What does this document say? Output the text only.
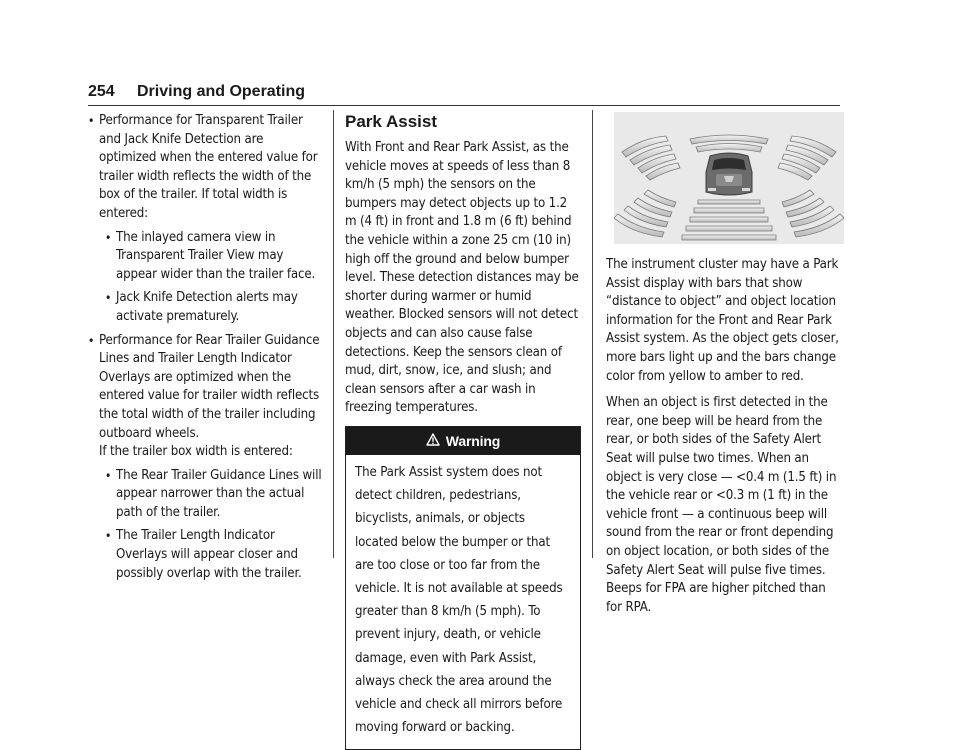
254 Driving and Operating
• Performance for Transparent Trailer and Jack Knife Detection are optimized when the entered value for trailer width reflects the width of the box of the trailer. If total width is entered:
• The inlayed camera view in Transparent Trailer View may appear wider than the trailer face.
• Jack Knife Detection alerts may activate prematurely.
• Performance for Rear Trailer Guidance Lines and Trailer Length Indicator Overlays are optimized when the entered value for trailer width reflects the total width of the trailer including outboard wheels.
If the trailer box width is entered:
• The Rear Trailer Guidance Lines will appear narrower than the actual path of the trailer.
• The Trailer Length Indicator Overlays will appear closer and possibly overlap with the trailer.
Park Assist

With Front and Rear Park Assist, as the vehicle moves at speeds of less than 8 km/h (5 mph) the sensors on the bumpers may detect objects up to 1.2 m (4 ft) in front and 1.8 m (6 ft) behind the vehicle within a zone 25 cm (10 in) high off the ground and below bumper level. These detection distances may be shorter during warmer or humid weather. Blocked sensors will not detect objects and can also cause false detections. Keep the sensors clean of mud, dirt, snow, ice, and slush; and clean sensors after a car wash in freezing temperatures.

Warning
The Park Assist system does not detect children, pedestrians, bicyclists, animals, or objects located below the bumper or that are too close or too far from the vehicle. It is not available at speeds greater than 8 km/h (5 mph). To prevent injury, death, or vehicle damage, even with Park Assist, always check the area around the vehicle and check all mirrors before moving forward or backing.

The instrument cluster may have a Park Assist display with bars that show “distance to object” and object location information for the Front and Rear Park Assist system. As the object gets closer, more bars light up and the bars change color from yellow to amber to red.

When an object is first detected in the rear, one beep will be heard from the rear, or both sides of the Safety Alert Seat will pulse two times. When an object is very close — <0.4 m (1.5 ft) in the vehicle rear or <0.3 m (1 ft) in the vehicle front — a continuous beep will sound from the rear or front depending on object location, or both sides of the Safety Alert Seat will pulse five times. Beeps for FPA are higher pitched than for RPA.
